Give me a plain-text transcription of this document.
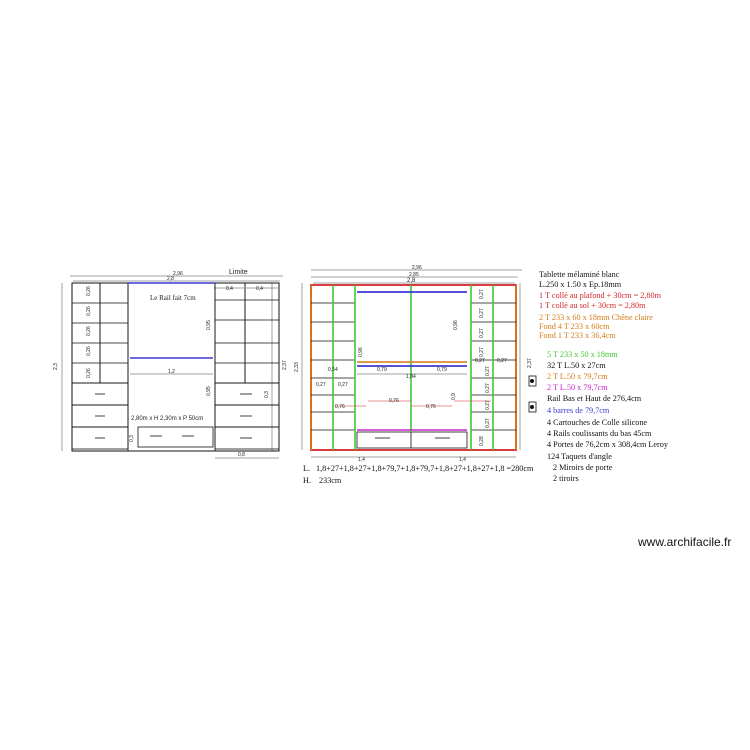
Limite
2,96
2,8
0,4	0,4
2,3
Le Rail fait 7cm
1,2
0,95
0,95
0,8
0,3
0,3
0,26
0,26
0,26
0,26
0,26
2,80m x H 2,30m x P 50cm
2,37
2,96
2,85
2,8
2,33	2,37
1,4	1,4
0,96
0,96
1,84
0,79	0,79
0,76
0,76
0,76
0,54
0,9
0,27 0,27
0,27
0,27
0,27
0,27
0,27
0,27
0,27
0,27
0,28
0,27 0,27
Tablette mélaminé blanc
L.250 x 1.50 x Ep.18mm
1 T collé au plafond + 30cm = 2,80m
1 T collé au sol + 30cm = 2,80m
2 T 233 x 60 x 18mm Chêne claire
Fond 4 T 233 x 60cm
Fond 1 T 233 x 36,4cm
5 T 233 x 50 x 18mm
32 T L.50 x 27cm
2 T L.50 x 79,7cm
2 T L.50 x 79,7cm
Rail Bas et Haut de 276,4cm
4 barres de 79,7cm
4 Cartouches de Colle silicone
4 Rails coulissants du bas 45cm
4 Portes de 76,2cm x 308,4cm Leroy
124 Taquets d'angle
2 Miroirs de porte
2 tiroirs
L. 1,8+27+1,8+27+1,8+79,7+1,8+79,7+1,8+27+1,8+27+1,8 =280cm
H. 233cm
www.archifacile.fr
